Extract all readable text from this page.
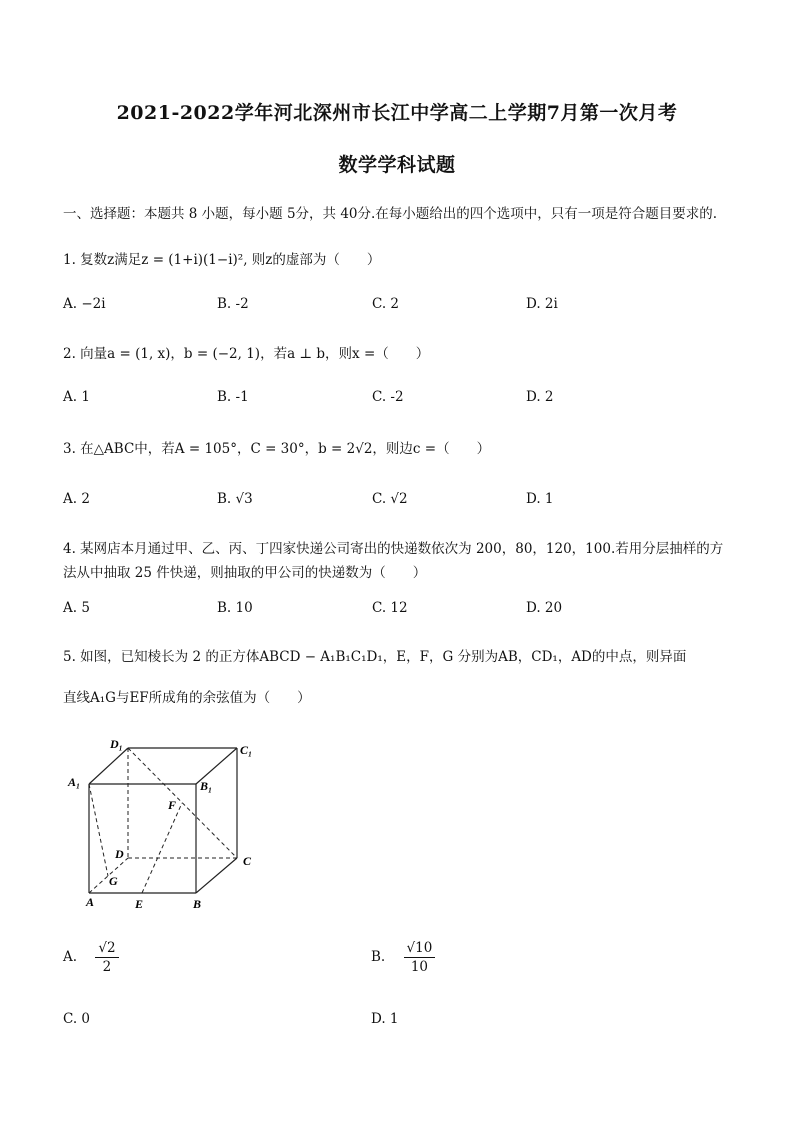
2021-2022学年河北深州市长江中学高二上学期7月第一次月考
数学学科试题
一、选择题：本题共 8 小题，每小题 5分，共 40分.在每小题给出的四个选项中，只有一项是符合题目要求的.
1. 复数z满足z = (1+i)(1−i)², 则z的虚部为（　　）
A. −2i	B. -2	C. 2	D. 2i
2. 向量a = (1, x)，b = (−2, 1)，若a ⊥ b，则x =（　　）
A. 1	B. -1	C. -2	D. 2
3. 在△ABC中，若A = 105°，C = 30°，b = 2√2，则边c =（　　）
A. 2	B. √3	C. √2	D. 1
4. 某网店本月通过甲、乙、丙、丁四家快递公司寄出的快递数依次为 200，80，120，100.若用分层抽样的方
法从中抽取 25 件快递，则抽取的甲公司的快递数为（　　）
A. 5	B. 10	C. 12	D. 20
5. 如图，已知棱长为 2 的正方体ABCD − A₁B₁C₁D₁，E，F，G 分别为AB，CD₁，AD的中点，则异面
直线A₁G与EF所成角的余弦值为（　　）
D₁	C₁
A₁	B₁
F
D	C
G
A	E	B
A. $\frac{√2}{2}$	B. $\frac{√10}{10}$
C. 0	D. 1
